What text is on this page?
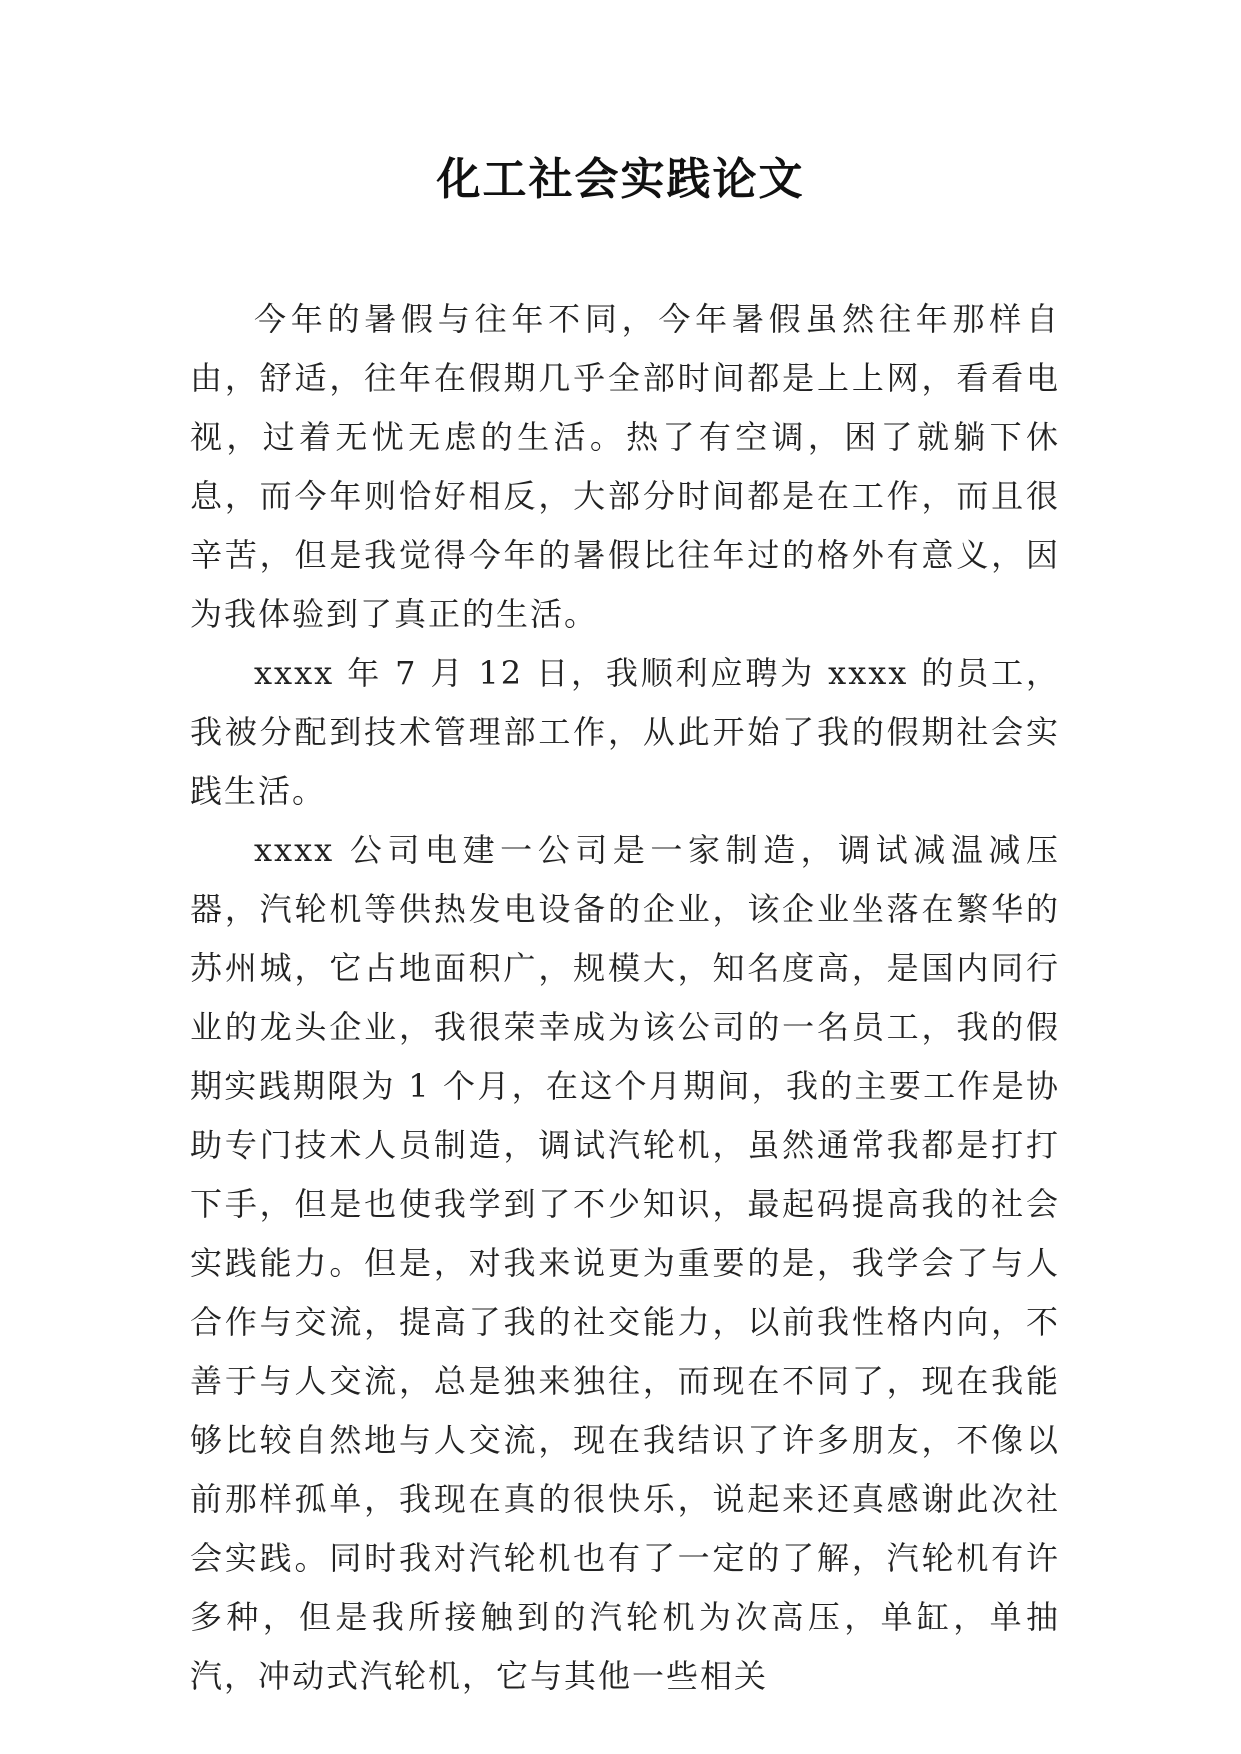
化工社会实践论文

今年的暑假与往年不同，今年暑假虽然往年那样自由，舒适，往年在假期几乎全部时间都是上上网，看看电视，过着无忧无虑的生活。热了有空调，困了就躺下休息，而今年则恰好相反，大部分时间都是在工作，而且很辛苦，但是我觉得今年的暑假比往年过的格外有意义，因为我体验到了真正的生活。

xxxx 年 7 月 12 日，我顺利应聘为 xxxx 的员工，我被分配到技术管理部工作，从此开始了我的假期社会实践生活。

xxxx 公司电建一公司是一家制造，调试减温减压器，汽轮机等供热发电设备的企业，该企业坐落在繁华的苏州城，它占地面积广，规模大，知名度高，是国内同行业的龙头企业，我很荣幸成为该公司的一名员工，我的假期实践期限为 1 个月，在这个月期间，我的主要工作是协助专门技术人员制造，调试汽轮机，虽然通常我都是打打下手，但是也使我学到了不少知识，最起码提高我的社会实践能力。但是，对我来说更为重要的是，我学会了与人合作与交流，提高了我的社交能力，以前我性格内向，不善于与人交流，总是独来独往，而现在不同了，现在我能够比较自然地与人交流，现在我结识了许多朋友，不像以前那样孤单，我现在真的很快乐，说起来还真感谢此次社会实践。同时我对汽轮机也有了一定的了解，汽轮机有许多种，但是我所接触到的汽轮机为次高压，单缸，单抽汽，冲动式汽轮机，它与其他一些相关
